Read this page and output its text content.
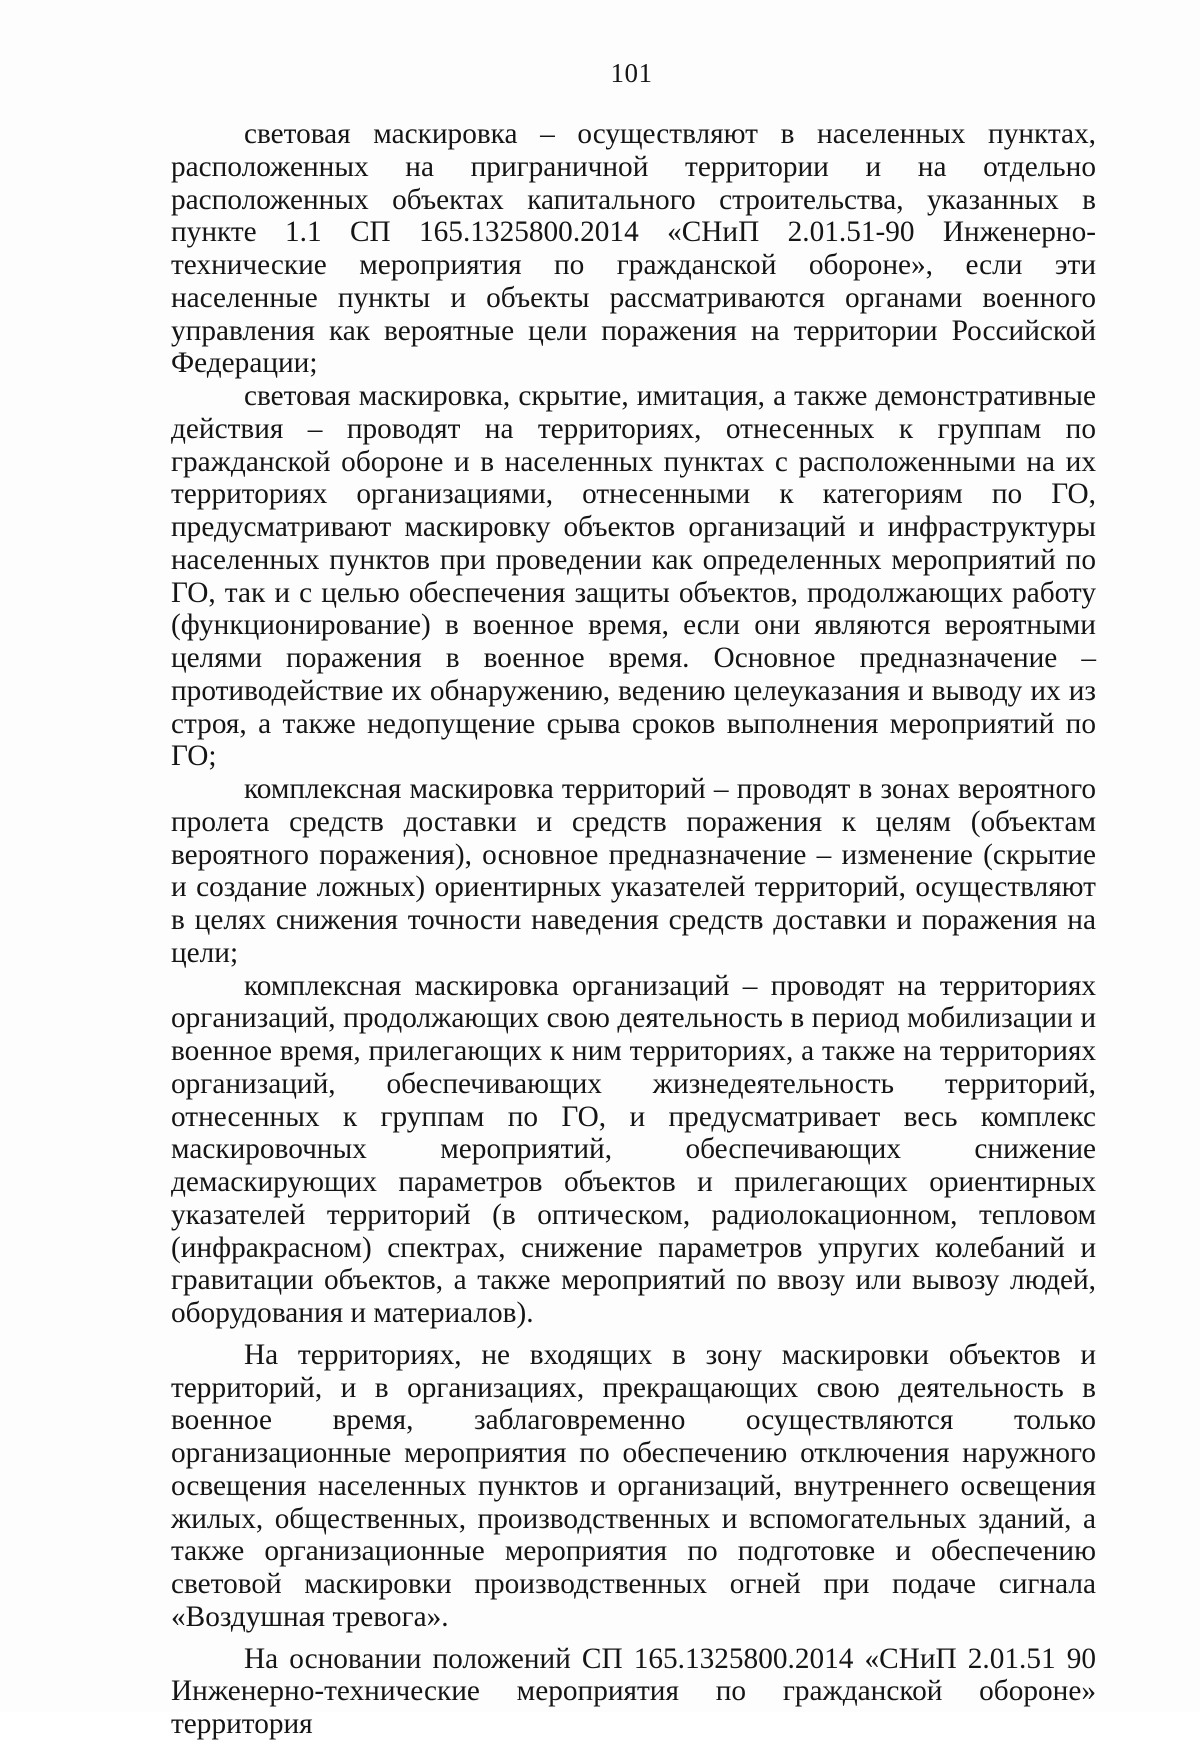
101

световая маскировка – осуществляют в населенных пунктах, расположенных на приграничной территории и на отдельно расположенных объектах капитального строительства, указанных в пункте 1.1 СП 165.1325800.2014 «СНиП 2.01.51-90 Инженерно-технические мероприятия по гражданской обороне», если эти населенные пункты и объекты рассматриваются органами военного управления как вероятные цели поражения на территории Российской Федерации;

световая маскировка, скрытие, имитация, а также демонстративные действия – проводят на территориях, отнесенных к группам по гражданской обороне и в населенных пунктах с расположенными на их территориях организациями, отнесенными к категориям по ГО, предусматривают маскировку объектов организаций и инфраструктуры населенных пунктов при проведении как определенных мероприятий по ГО, так и с целью обеспечения защиты объектов, продолжающих работу (функционирование) в военное время, если они являются вероятными целями поражения в военное время. Основное предназначение – противодействие их обнаружению, ведению целеуказания и выводу их из строя, а также недопущение срыва сроков выполнения мероприятий по ГО;

комплексная маскировка территорий – проводят в зонах вероятного пролета средств доставки и средств поражения к целям (объектам вероятного поражения), основное предназначение – изменение (скрытие и создание ложных) ориентирных указателей территорий, осуществляют в целях снижения точности наведения средств доставки и поражения на цели;

комплексная маскировка организаций – проводят на территориях организаций, продолжающих свою деятельность в период мобилизации и военное время, прилегающих к ним территориях, а также на территориях организаций, обеспечивающих жизнедеятельность территорий, отнесенных к группам по ГО, и предусматривает весь комплекс маскировочных мероприятий, обеспечивающих снижение демаскирующих параметров объектов и прилегающих ориентирных указателей территорий (в оптическом, радиолокационном, тепловом (инфракрасном) спектрах, снижение параметров упругих колебаний и гравитации объектов, а также мероприятий по ввозу или вывозу людей, оборудования и материалов).

На территориях, не входящих в зону маскировки объектов и территорий, и в организациях, прекращающих свою деятельность в военное время, заблаговременно осуществляются только организационные мероприятия по обеспечению отключения наружного освещения населенных пунктов и организаций, внутреннего освещения жилых, общественных, производственных и вспомогательных зданий, а также организационные мероприятия по подготовке и обеспечению световой маскировки производственных огней при подаче сигнала «Воздушная тревога».

На основании положений СП 165.1325800.2014 «СНиП 2.01.51 90 Инженерно-технические мероприятия по гражданской обороне» территория
